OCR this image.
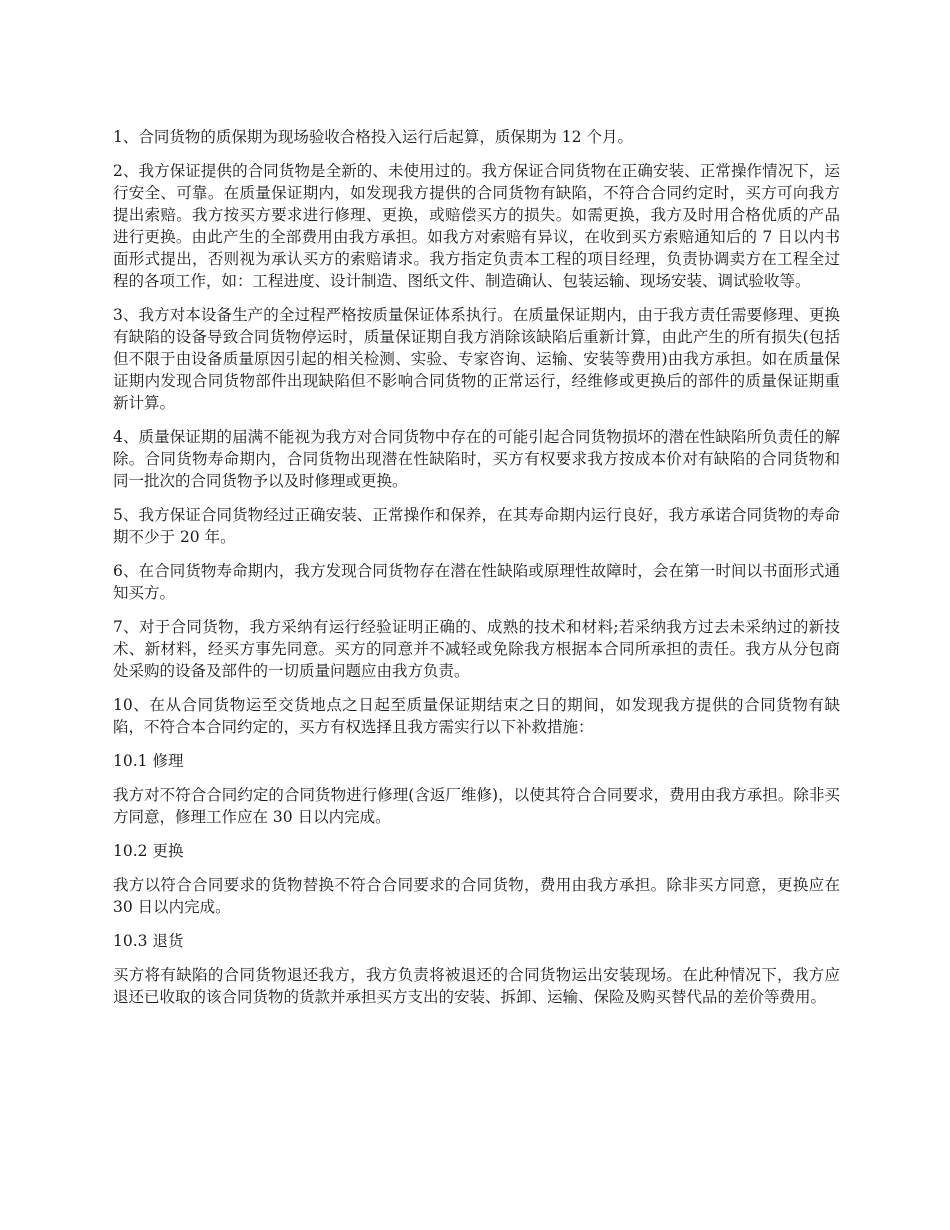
1、合同货物的质保期为现场验收合格投入运行后起算，质保期为 12 个月。

2、我方保证提供的合同货物是全新的、未使用过的。我方保证合同货物在正确安装、正常操作情况下，运行安全、可靠。在质量保证期内，如发现我方提供的合同货物有缺陷，不符合合同约定时，买方可向我方提出索赔。我方按买方要求进行修理、更换，或赔偿买方的损失。如需更换，我方及时用合格优质的产品进行更换。由此产生的全部费用由我方承担。如我方对索赔有异议，在收到买方索赔通知后的 7 日以内书面形式提出，否则视为承认买方的索赔请求。我方指定负责本工程的项目经理，负责协调卖方在工程全过程的各项工作，如：工程进度、设计制造、图纸文件、制造确认、包装运输、现场安装、调试验收等。

3、我方对本设备生产的全过程严格按质量保证体系执行。在质量保证期内，由于我方责任需要修理、更换有缺陷的设备导致合同货物停运时，质量保证期自我方消除该缺陷后重新计算，由此产生的所有损失(包括但不限于由设备质量原因引起的相关检测、实验、专家咨询、运输、安装等费用)由我方承担。如在质量保证期内发现合同货物部件出现缺陷但不影响合同货物的正常运行，经维修或更换后的部件的质量保证期重新计算。

4、质量保证期的届满不能视为我方对合同货物中存在的可能引起合同货物损坏的潜在性缺陷所负责任的解除。合同货物寿命期内，合同货物出现潜在性缺陷时，买方有权要求我方按成本价对有缺陷的合同货物和同一批次的合同货物予以及时修理或更换。

5、我方保证合同货物经过正确安装、正常操作和保养，在其寿命期内运行良好，我方承诺合同货物的寿命期不少于 20 年。

6、在合同货物寿命期内，我方发现合同货物存在潜在性缺陷或原理性故障时，会在第一时间以书面形式通知买方。

7、对于合同货物，我方采纳有运行经验证明正确的、成熟的技术和材料;若采纳我方过去未采纳过的新技术、新材料，经买方事先同意。买方的同意并不减轻或免除我方根据本合同所承担的责任。我方从分包商处采购的设备及部件的一切质量问题应由我方负责。

10、在从合同货物运至交货地点之日起至质量保证期结束之日的期间，如发现我方提供的合同货物有缺陷，不符合本合同约定的，买方有权选择且我方需实行以下补救措施：

10.1 修理

我方对不符合合同约定的合同货物进行修理(含返厂维修)，以使其符合合同要求，费用由我方承担。除非买方同意，修理工作应在 30 日以内完成。

10.2 更换

我方以符合合同要求的货物替换不符合合同要求的合同货物，费用由我方承担。除非买方同意，更换应在 30 日以内完成。

10.3 退货

买方将有缺陷的合同货物退还我方，我方负责将被退还的合同货物运出安装现场。在此种情况下，我方应退还已收取的该合同货物的货款并承担买方支出的安装、拆卸、运输、保险及购买替代品的差价等费用。
